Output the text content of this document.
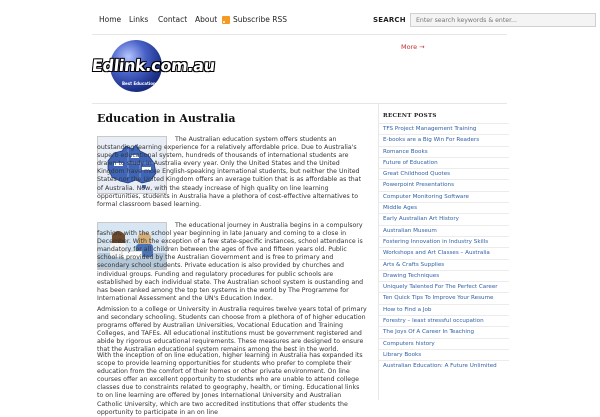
Home Links Contact About Subscribe RSS	SEARCH
Enter search keywords & enter...
Edlink.com.au
Best Educational Sites!
More →
Education in Australia

The Australian education system offers students an outstanding learning experience for a relatively affordable price. Due to Australia's superb educational system, hundreds of thousands of international students are drawn to study in Australia every year. Only the United States and the United Kingdom have more English-speaking international students, but neither the United States nor the United Kingdom offers an average tuition that is as affordable as that of Australia. Now, with the steady increase of high quality on line learning opportunities, students in Australia have a plethora of cost-effective alternatives to formal classroom based learning.

The educational journey in Australia begins in a compulsory fashion, with the school year beginning in late January and coming to a close in December. With the exception of a few state-specific instances, school attendance is mandatory for all children between the ages of five and fifteen years old. Public school is provided by the Australian Government and is free to primary and secondary school students. Private education is also provided by churches and individual groups. Funding and regulatory procedures for public schools are established by each individual state. The Australian school system is oustanding and has been ranked among the top ten systems in the world by The Programme for International Assessment and the UN's Education Index.

Admission to a college or University in Australia requires twelve years total of primary and secondary schooling. Students can choose from a plethora of of higher education programs offered by Australian Universities, Vocational Education and Training Colleges, and TAFEs. All educational institutions must be government registered and abide by rigorous educational requirements. These measures are designed to ensure that the Australian educational system remains among the best in the world.

With the inception of on line education, higher learning in Australia has expanded its scope to provide learning opportunities for students who prefer to complete their education from the comfort of their homes or other private environment. On line courses offer an excellent opportunity to students who are unable to attend college classes due to constraints related to geography, health, or timing. Educational links to on line learning are offered by Jones International University and Australian Catholic University, which are two accredited institutions that offer students the opportunity to participate in an on line

RECENT POSTS
TFS Project Management Training
E-books are a Big Win For Readers
Romance Books
Future of Education
Great Childhood Quotes
Powerpoint Presentations
Computer Monitoring Software
Middle Ages
Early Australian Art History
Australian Museum
Fostering Innovation in Industry Skills
Workshops and Art Classes – Australia
Arts & Crafts Supplies
Drawing Techniques
Uniquely Talented For The Perfect Career
Ten Quick Tips To Improve Your Resume
How to Find a Job
Forestry – least stressful occupation
The Joys Of A Career In Teaching
Computers history
Library Books
Australian Education: A Future Unlimited
